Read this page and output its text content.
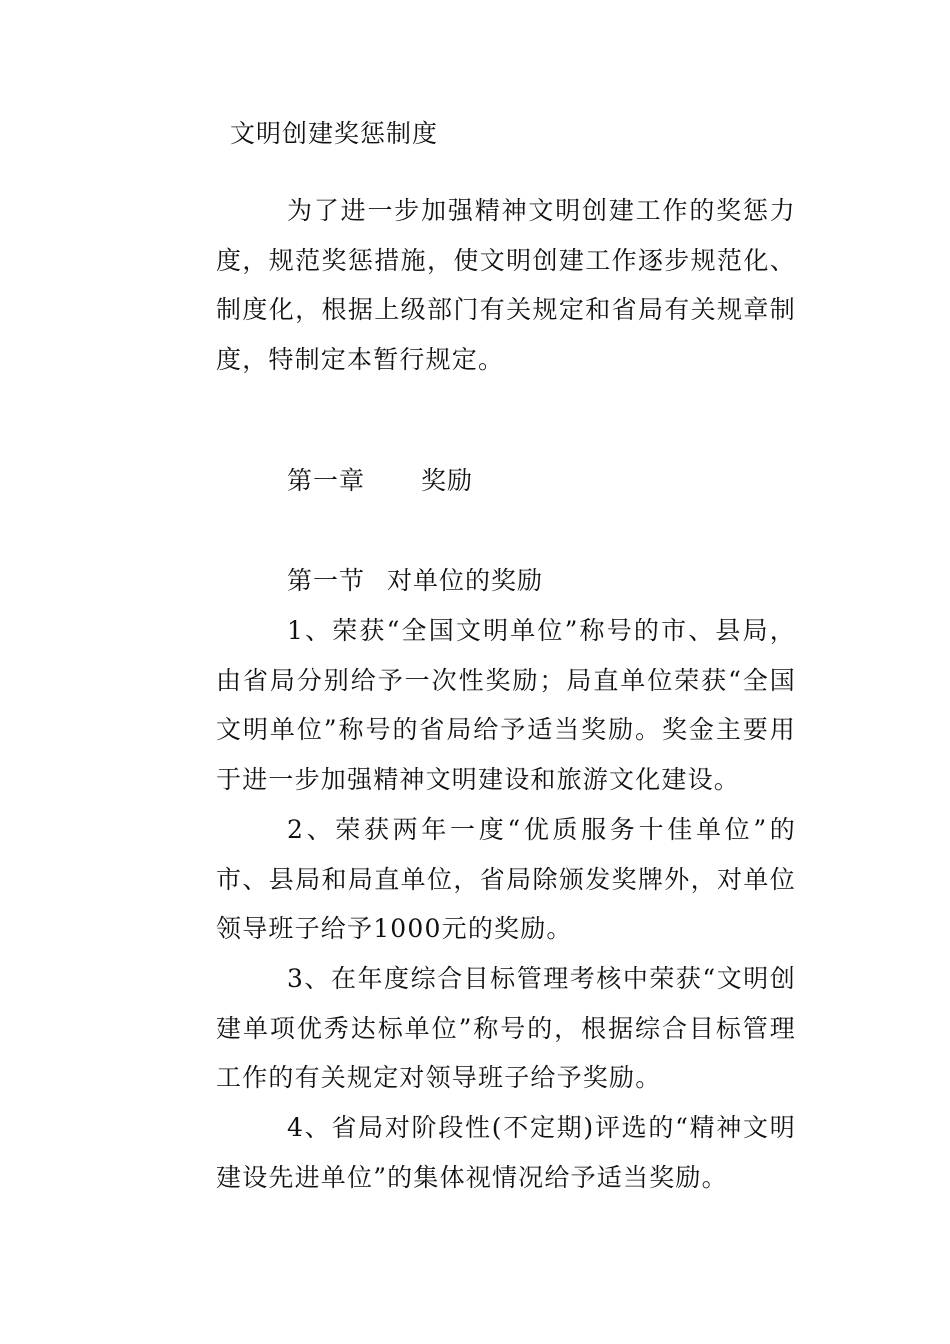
文明创建奖惩制度

为了进一步加强精神文明创建工作的奖惩力度，规范奖惩措施，使文明创建工作逐步规范化、制度化，根据上级部门有关规定和省局有关规章制度，特制定本暂行规定。

第一章 奖励
第一节 对单位的奖励

1、荣获“全国文明单位”称号的市、县局，由省局分别给予一次性奖励；局直单位荣获“全国文明单位”称号的省局给予适当奖励。奖金主要用于进一步加强精神文明建设和旅游文化建设。

2、荣获两年一度“优质服务十佳单位”的市、县局和局直单位，省局除颁发奖牌外，对单位领导班子给予1000元的奖励。

3、在年度综合目标管理考核中荣获“文明创建单项优秀达标单位”称号的，根据综合目标管理工作的有关规定对领导班子给予奖励。

4、省局对阶段性(不定期)评选的“精神文明建设先进单位”的集体视情况给予适当奖励。
